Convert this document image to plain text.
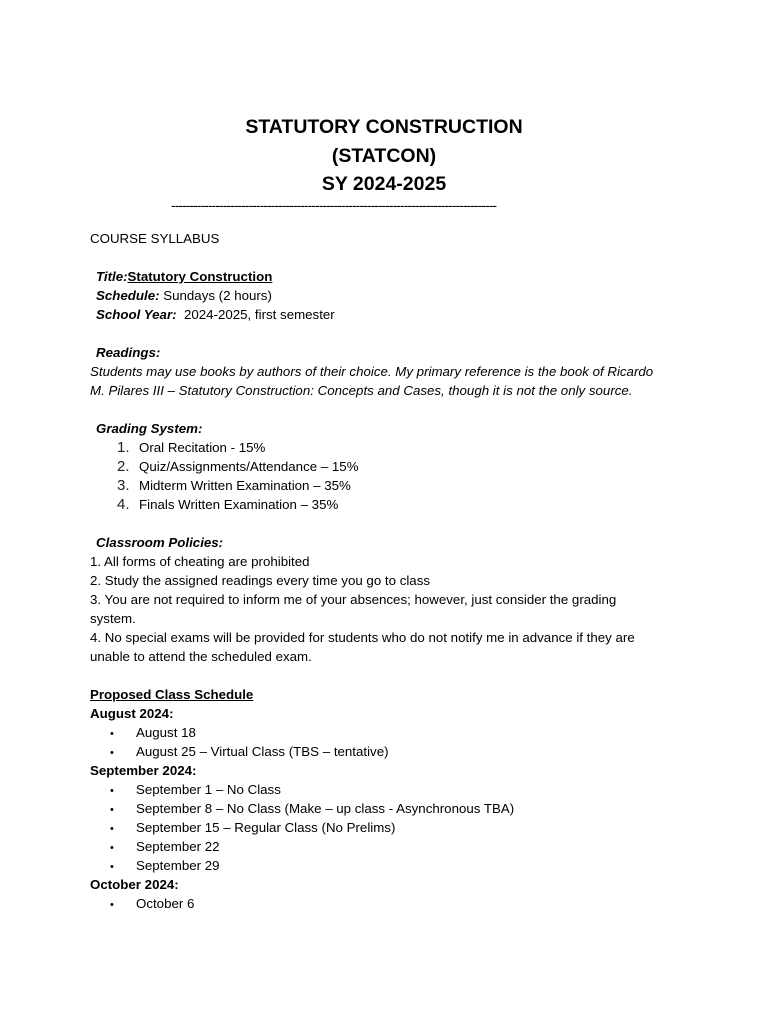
STATUTORY CONSTRUCTION
(STATCON)
SY 2024-2025
----------------------------------------------------------------------------------------
COURSE SYLLABUS
Title:Statutory Construction
Schedule: Sundays (2 hours)
School Year:  2024-2025, first semester
Readings:
Students may use books by authors of their choice. My primary reference is the book of Ricardo
M. Pilares III – Statutory Construction: Concepts and Cases, though it is not the only source.
Grading System:
1. Oral Recitation - 15%
2. Quiz/Assignments/Attendance – 15%
3. Midterm Written Examination – 35%
4. Finals Written Examination – 35%
Classroom Policies:
1. All forms of cheating are prohibited
2. Study the assigned readings every time you go to class
3. You are not required to inform me of your absences; however, just consider the grading
system.
4. No special exams will be provided for students who do not notify me in advance if they are
unable to attend the scheduled exam.
Proposed Class Schedule
August 2024:
• August 18
• August 25 – Virtual Class (TBS – tentative)
September 2024:
• September 1 – No Class
• September 8 – No Class (Make – up class - Asynchronous TBA)
• September 15 – Regular Class (No Prelims)
• September 22
• September 29
October 2024:
• October 6
